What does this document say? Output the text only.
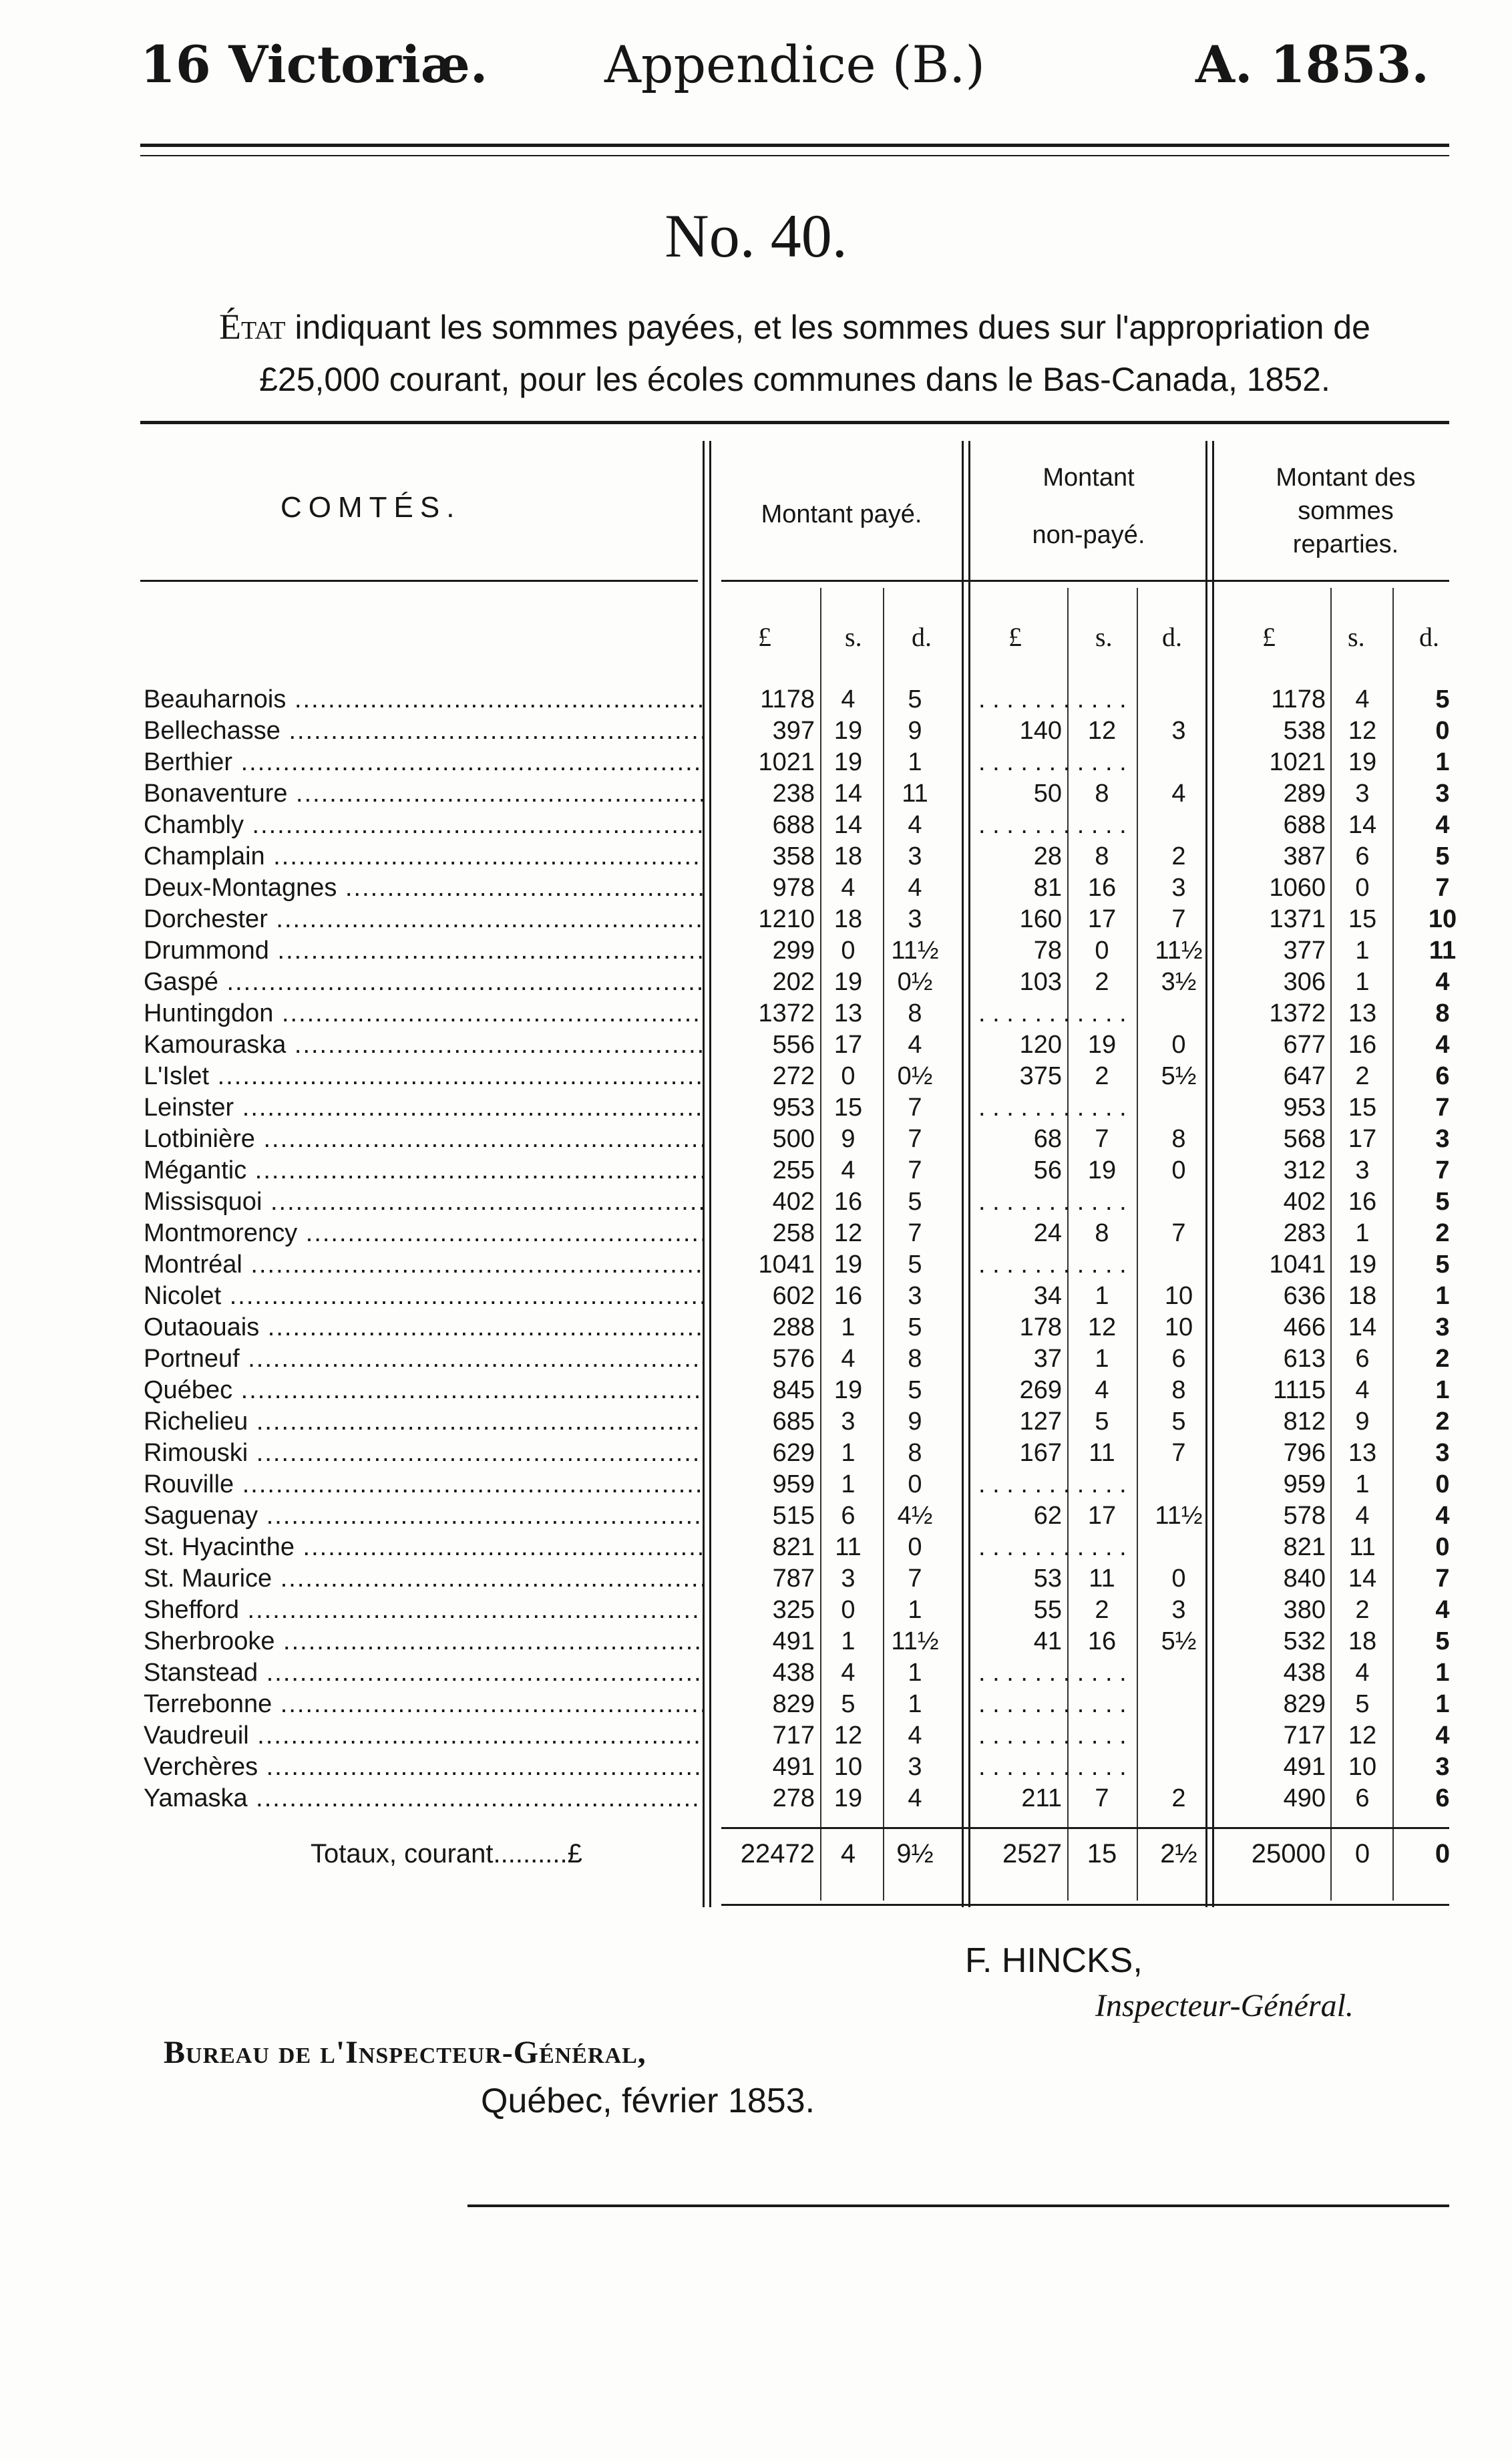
16 Victoriæ. Appendice (B.)	A. 1853.
No. 40.
État indiquant les sommes payées, et les sommes dues sur l'appropriation de
£25,000 courant, pour les écoles communes dans le Bas-Canada, 1852.
COMTÉS.	Montant payé.
Montant
non-payé.
Montant des
sommes
reparties.
£	s. d.	£	s. d.	£	s. d.
Beauharnois .....	1178	4	5 . . .	1178	4	5
Bellechasse .....	397 19	9	140	12	3	538 12	0
Berthier .....	1021 19	1 . . .	1021 19	1
Bonaventure .....	238 14	11	50	8	4	289	3	3
Chambly .....	688 14	4 . . .	688 14	4
Champlain .....	358 18	3	28	8	2	387	6	5
Deux-Montagnes .....	978	4	4	81	16	3	1060	0	7
Dorchester .....	1210 18	3	160	17	7	1371 15	10
Drummond .....	299	0	11½	78	0	11½	377	1	11
Gaspé .....	202 19	0½	103	2	3½	306	1	4
Huntingdon .....	1372 13	8 . . .	1372 13	8
Kamouraska .....	556 17	4	120	19	0	677 16	4
L'Islet .....	272	0	0½	375	2	5½	647	2	6
Leinster .....	953 15	7 . . .	953 15	7
Lotbinière .....	500	9	7	68	7	8	568 17	3
Mégantic .....	255	4	7	56	19	0	312	3	7
Missisquoi .....	402 16	5 . . .	402 16	5
Montmorency .....	258 12	7	24	8	7	283	1	2
Montréal .....	1041 19	5 . . .	1041 19	5
Nicolet .....	602 16	3	34	1	10	636 18	1
Outaouais .....	288	1	5	178	12	10	466 14	3
Portneuf .....	576	4	8	37	1	6	613	6	2
Québec .....	845 19	5	269	4	8	1115	4	1
Richelieu .....	685	3	9	127	5	5	812	9	2
Rimouski .....	629	1	8	167	11	7	796 13	3
Rouville .....	959	1	0 . . .	959	1	0
Saguenay .....	515	6	4½	62	17	11½	578	4	4
St. Hyacinthe .....	821 11	0 . . .	821 11	0
St. Maurice .....	787	3	7	53	11	0	840 14	7
Shefford .....	325	0	1	55	2	3	380	2	4
Sherbrooke .....	491	1	11½	41	16	5½	532 18	5
Stanstead .....	438	4	1 . . .	438	4	1
Terrebonne .....	829	5	1 . . .	829	5	1
Vaudreuil .....	717 12	4 . . .	717 12	4
Verchères .....	491 10	3 . . .	491 10	3
Yamaska .....	278 19	4	211	7	2	490	6	6
Totaux, courant..........£	22472 4	9½	2527 15	2½	25000	0	0
F. HINCKS,
Inspecteur-Général.
Bureau de l'Inspecteur-Général,
Québec, février 1853.
